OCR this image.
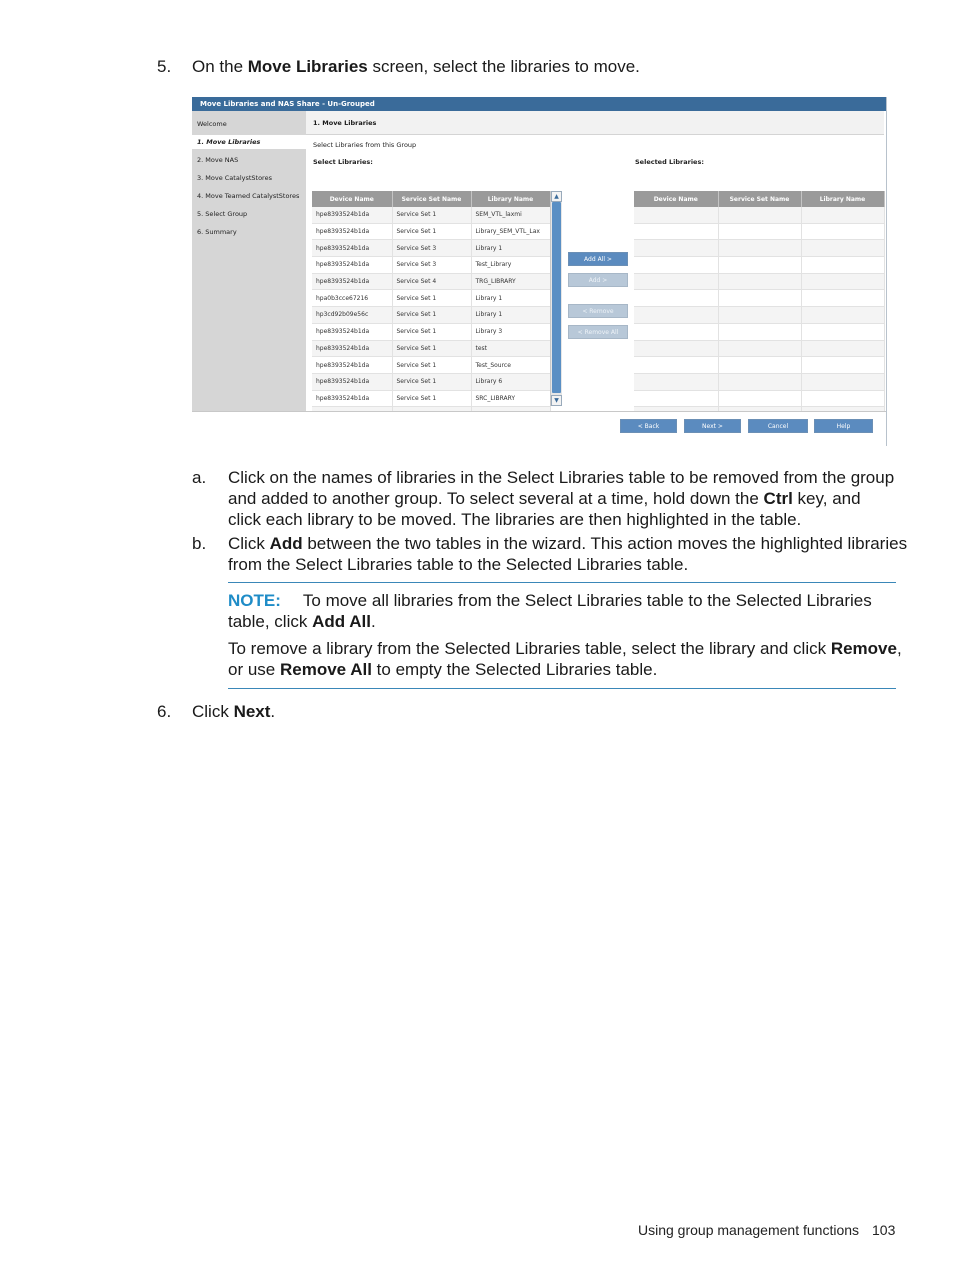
5.	On the Move Libraries screen, select the libraries to move.
Move Libraries and NAS Share - Un-Grouped
Welcome
1. Move Libraries
2. Move NAS
3. Move CatalystStores
4. Move Teamed CatalystStores
5. Select Group
6. Summary
1. Move Libraries
Select Libraries from this Group
Select Libraries:	Selected Libraries:
Device Name	Service Set Name	Library Name
hpe8393524b1da	Service Set 1	SEM_VTL_laxmi
hpe8393524b1da	Service Set 1	Library_SEM_VTL_Lax
hpe8393524b1da	Service Set 3	Library 1
hpe8393524b1da	Service Set 3	Test_Library
hpe8393524b1da	Service Set 4	TRG_LIBRARY
hpa0b3cce67216	Service Set 1	Library 1
hp3cd92b09e56c	Service Set 1	Library 1
hpe8393524b1da	Service Set 1	Library 3
hpe8393524b1da	Service Set 1	test
hpe8393524b1da	Service Set 1	Test_Source
hpe8393524b1da	Service Set 1	Library 6
hpe8393524b1da	Service Set 1	SRC_LIBRARY

▲
▼
Add All >
Add >
< Remove
< Remove All
Device Name	Service Set Name	Library Name

< Back	Next >	Cancel	Help
a. Click on the names of libraries in the Select Libraries table to be removed from the group
and added to another group. To select several at a time, hold down the Ctrl key, and
click each library to be moved. The libraries are then highlighted in the table.
b. Click Add between the two tables in the wizard. This action moves the highlighted libraries
from the Select Libraries table to the Selected Libraries table.
NOTE: To move all libraries from the Select Libraries table to the Selected Libraries
table, click Add All.
To remove a library from the Selected Libraries table, select the library and click Remove,
or use Remove All to empty the Selected Libraries table.
6.	Click Next.
Using group management functions 103
